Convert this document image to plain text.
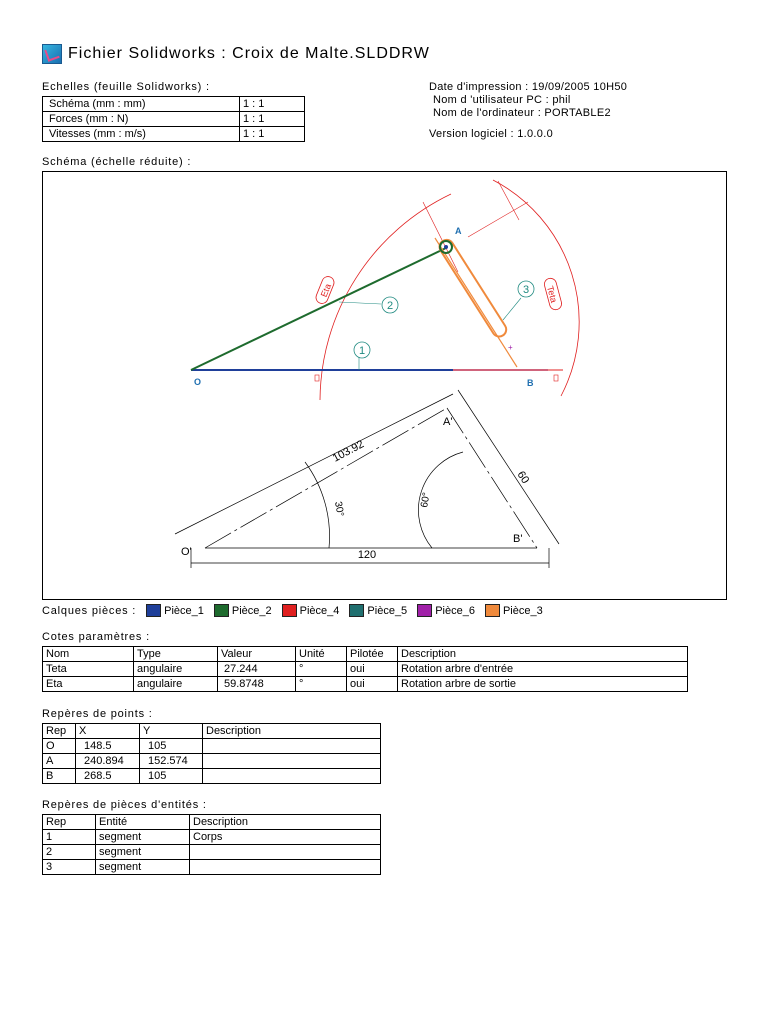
Fichier Solidworks : Croix de Malte.SLDDRW
Echelles (feuille Solidworks) :
Schéma (mm : mm)	1 : 1
Forces (mm : N)	1 : 1
Vitesses (mm : m/s)	1 : 1
Date d'impression : 19/09/2005 10H50
Nom d 'utilisateur PC : phil
Nom de l'ordinateur : PORTABLE2
Version logiciel : 1.0.0.0
Schéma (échelle réduite) :
Eta	Teta
+
O
A
B
1
2
3
O'
A'
B'
120
103.92
60
30°
60°
Calques pièces :	Pièce_1	Pièce_2	Pièce_4	Pièce_5	Pièce_6	Pièce_3
Cotes paramètres :
Nom	Type	Valeur	Unité	Pilotée	Description
Teta	angulaire	27.244	°	oui	Rotation arbre d'entrée
Eta	angulaire	59.8748	°	oui	Rotation arbre de sortie
Repères de points :
Rep	X	Y	Description
O	148.5	105	
A	240.894	152.574	
B	268.5	105	
Repères de pièces d'entités :
Rep	Entité	Description
1	segment	Corps
2	segment	
3	segment	
